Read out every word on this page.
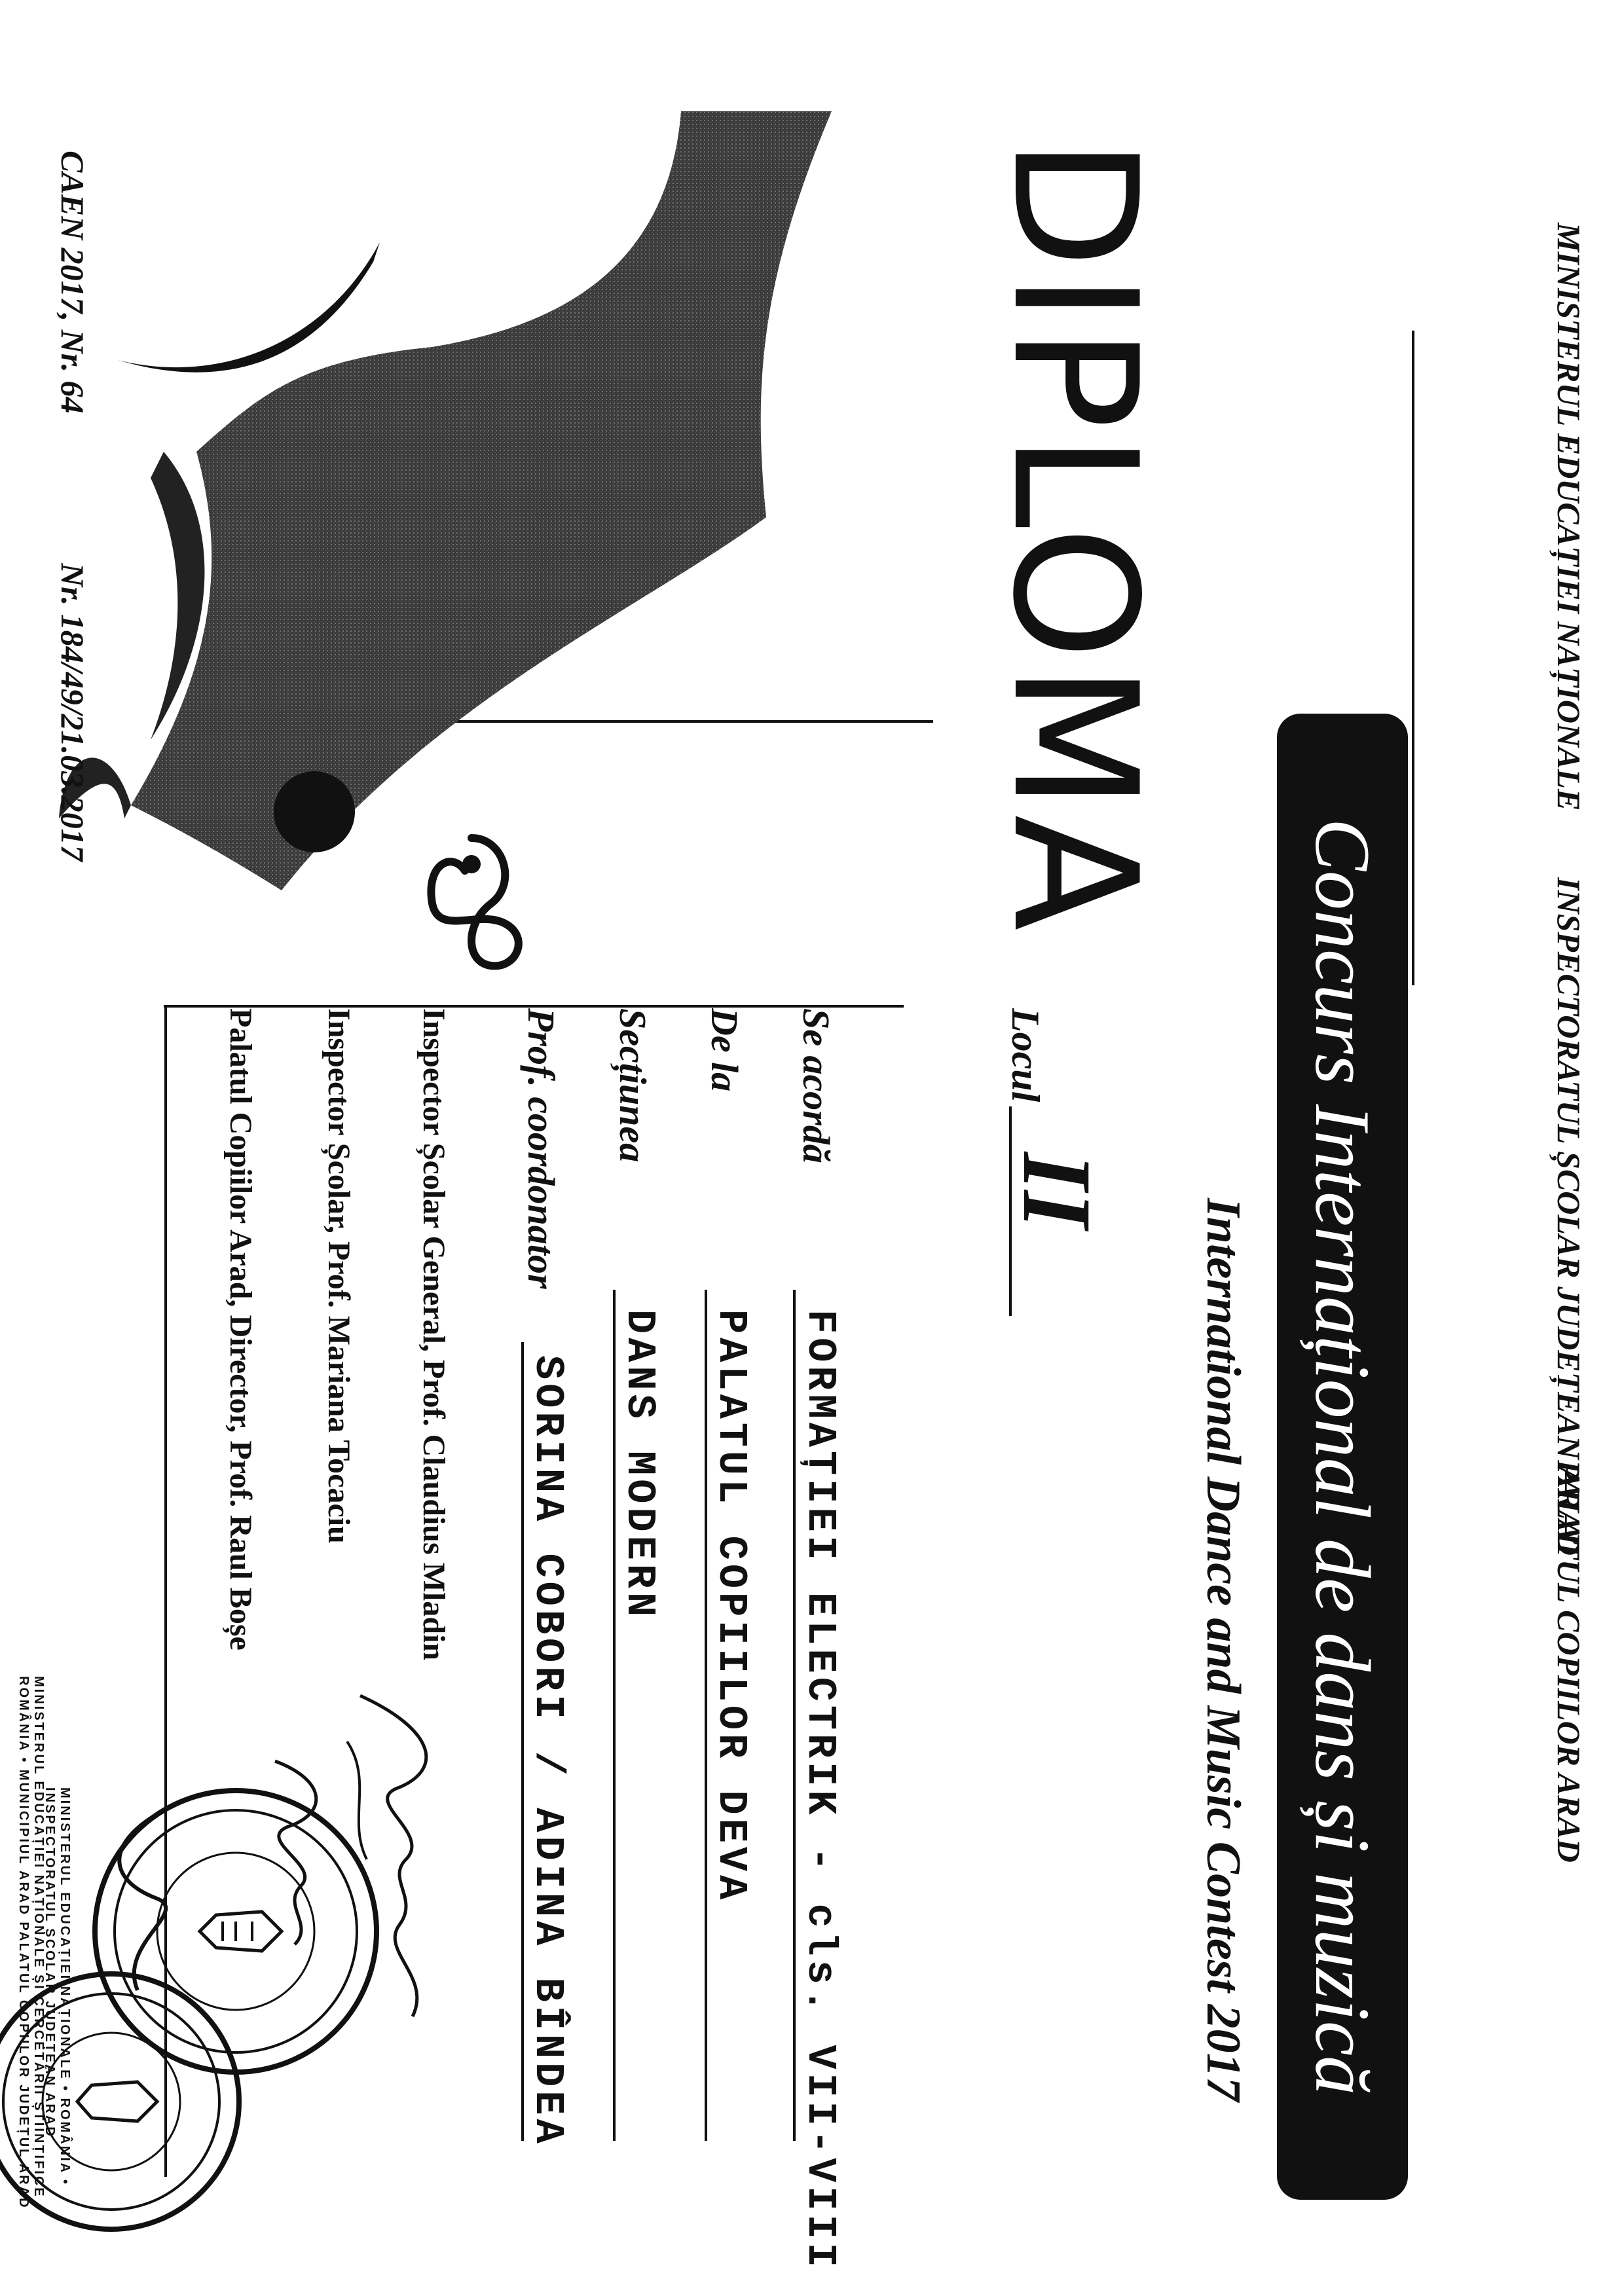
MINISTERUL EDUCAȚIEI NAȚIONALE
INSPECTORATUL ȘCOLAR JUDEȚEAN ARAD
PALATUL COPIILOR ARAD
DIPLOMA
Concurs Internațional de dans și muzică
International Dance and Music Contest 2017
Locul
II
Se acordă
FORMAȚIEI ELECTRIK - cls. VII-VIII
De la
PALATUL COPIILOR DEVA
Secțiunea
DANS MODERN
Prof. coordonator
SORINA COBORI / ADINA BÎNDEA
Inspector Școlar General, Prof. Claudius Mladin
Inspector Școlar, Prof. Mariana Tocaciu
Palatul Copiilor Arad, Director, Prof. Raul Boșe
MINISTERUL EDUCAȚIEI NAȚIONALE • ROMÂNIA • INSPECTORATUL ȘCOLAR JUDEȚEAN ARAD
MINISTERUL EDUCAȚIEI NAȚIONALE ȘI CERCETĂRII ȘTIINȚIFICE • ROMÂNIA • MUNICIPIUL ARAD PALATUL COPIILOR JUDEȚUL ARAD
CAEN 2017, Nr. 64
Nr. 184/49/21.03.2017
